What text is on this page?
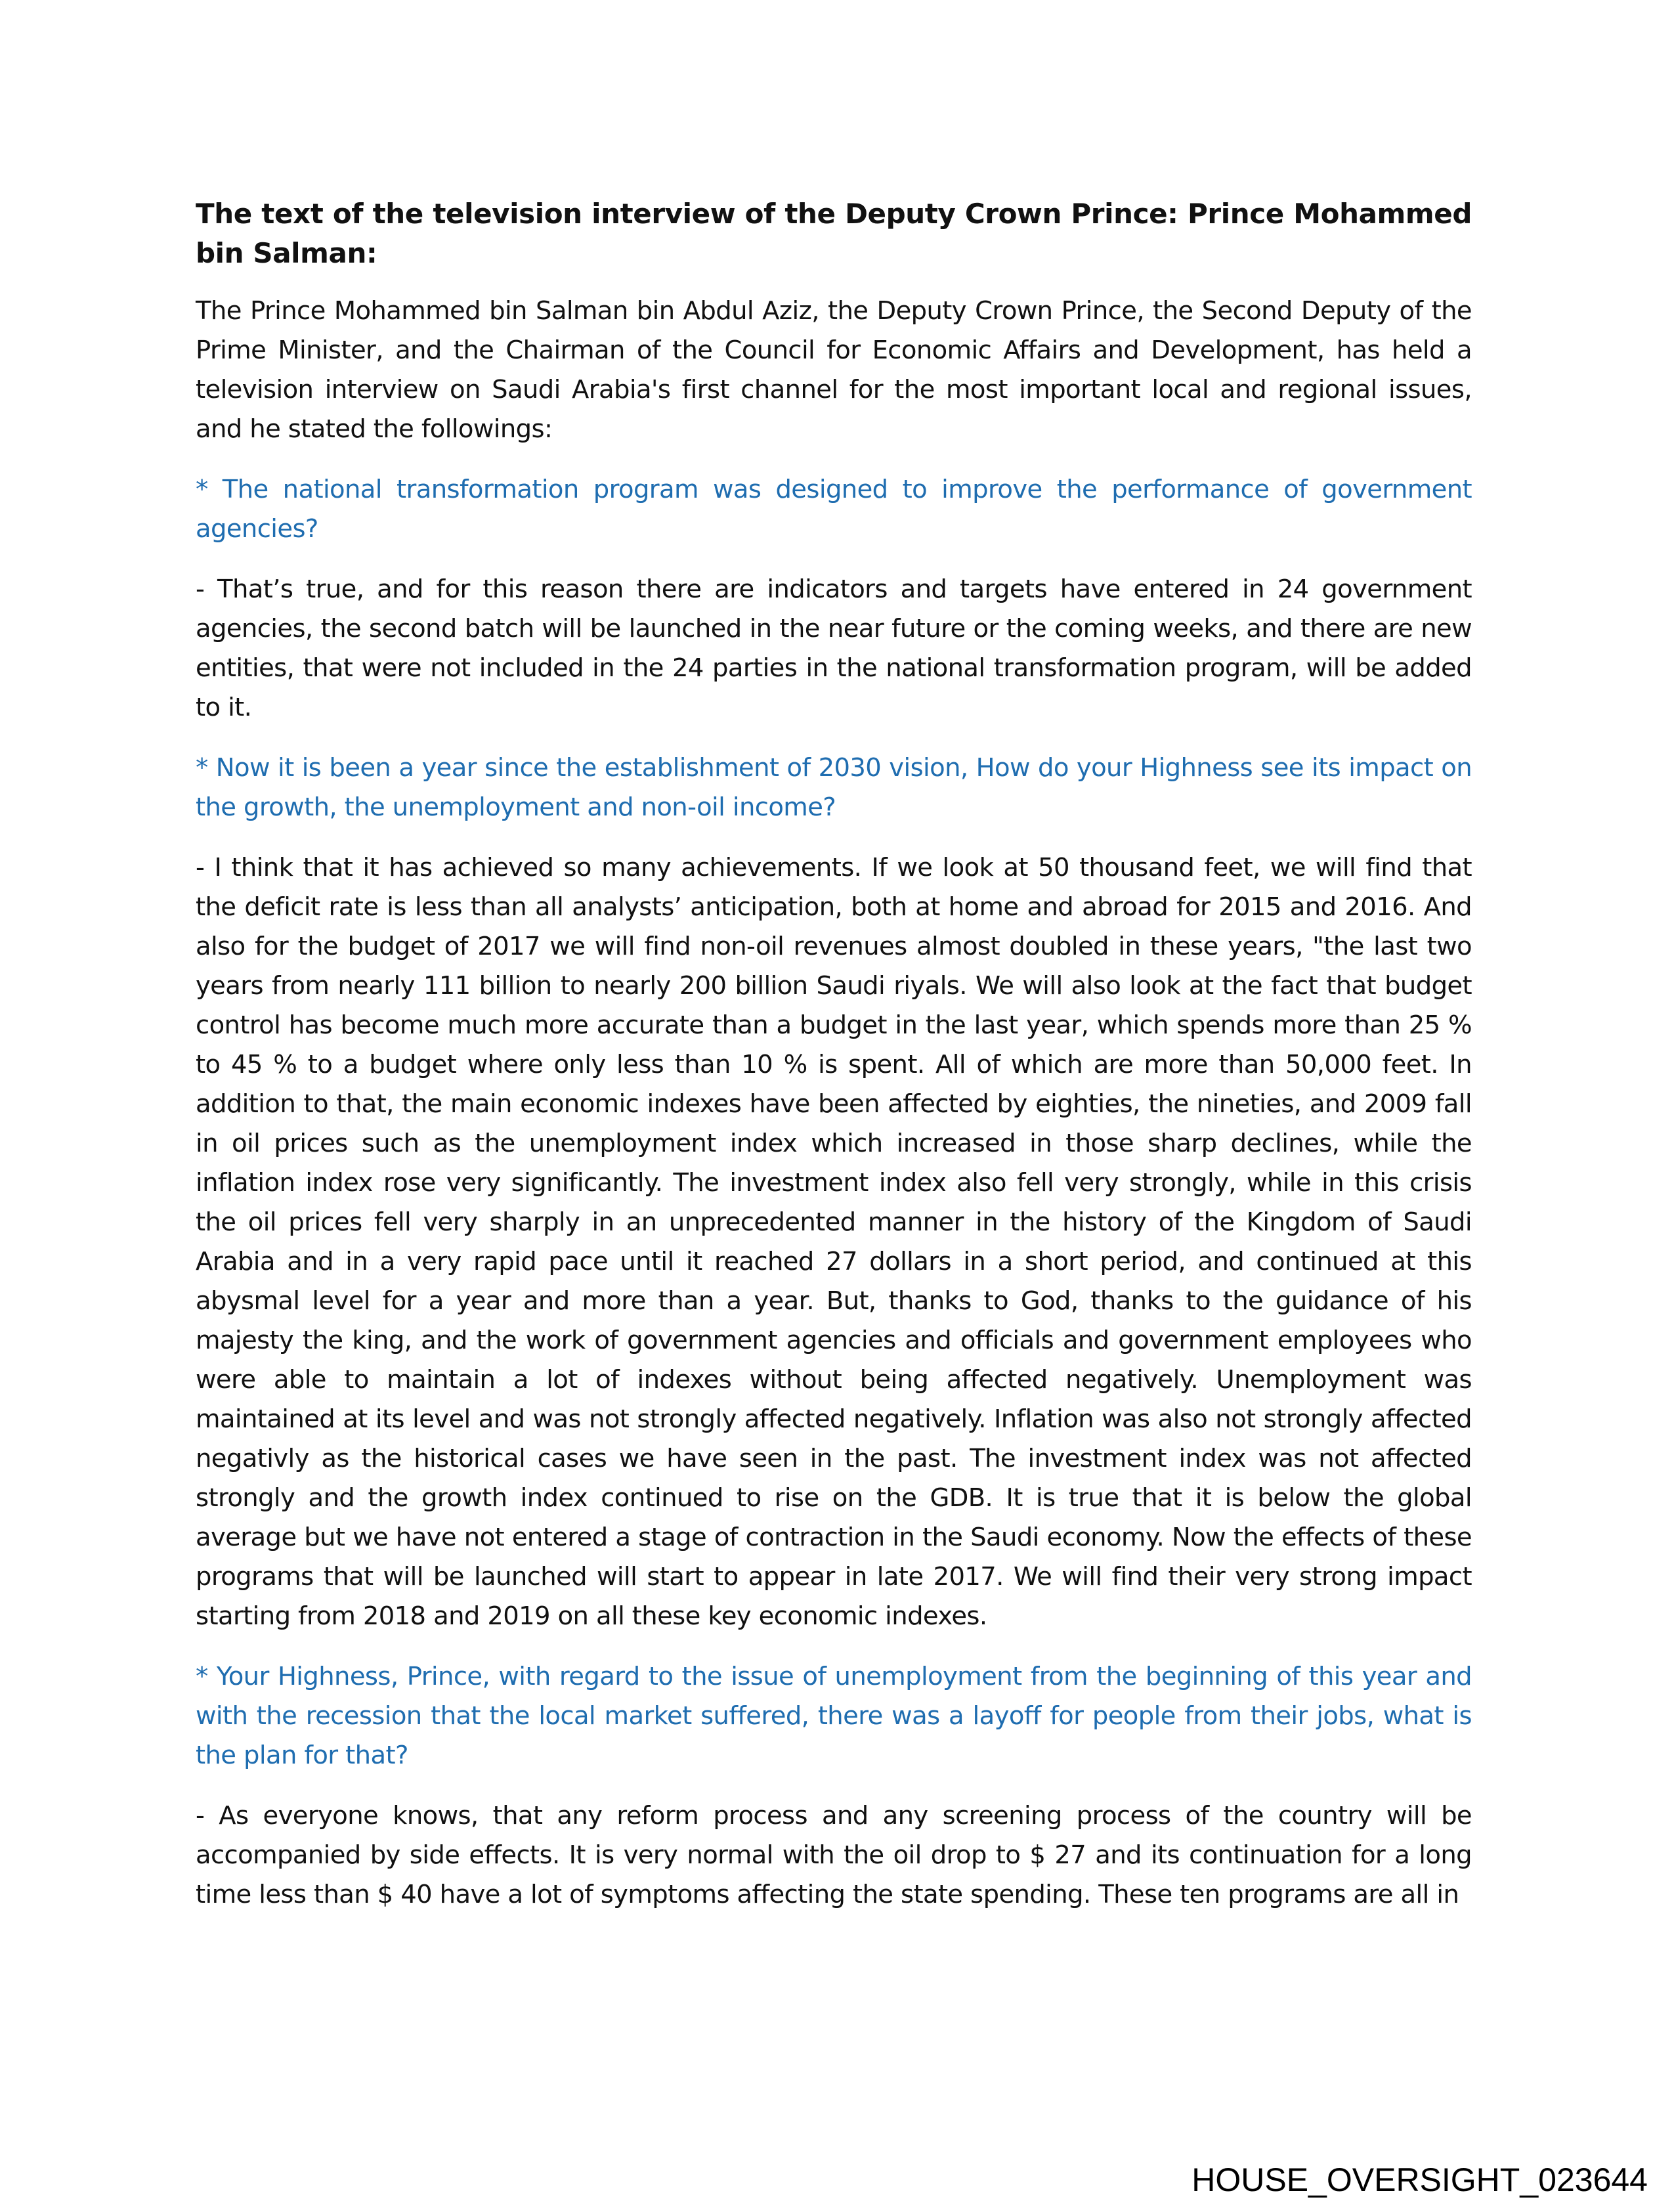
The text of the television interview of the Deputy Crown Prince: Prince Mohammed bin Salman:

The Prince Mohammed bin Salman bin Abdul Aziz, the Deputy Crown Prince, the Second Deputy of the Prime Minister, and the Chairman of the Council for Economic Affairs and Development, has held a television interview on Saudi Arabia's first channel for the most important local and regional issues, and he stated the followings:

* The national transformation program was designed to improve the performance of government agencies?

- That’s true, and for this reason there are indicators and targets have entered in 24 government agencies, the second batch will be launched in the near future or the coming weeks, and there are new entities, that were not included in the 24 parties in the national transformation program, will be added to it.

* Now it is been a year since the establishment of 2030 vision, How do your Highness see its impact on the growth, the unemployment and non-oil income?

- I think that it has achieved so many achievements. If we look at 50 thousand feet, we will find that the deficit rate is less than all analysts’ anticipation, both at home and abroad for 2015 and 2016. And also for the budget of 2017 we will find non-oil revenues almost doubled in these years, "the last two years from nearly 111 billion to nearly 200 billion Saudi riyals. We will also look at the fact that budget control has become much more accurate than a budget in the last year, which spends more than 25 % to 45 % to a budget where only less than 10 % is spent. All of which are more than 50,000 feet. In addition to that, the main economic indexes have been affected by eighties, the nineties, and 2009 fall in oil prices such as the unemployment index which increased in those sharp declines, while the inflation index rose very significantly. The investment index also fell very strongly, while in this crisis the oil prices fell very sharply in an unprecedented manner in the history of the Kingdom of Saudi Arabia and in a very rapid pace until it reached 27 dollars in a short period, and continued at this abysmal level for a year and more than a year. But, thanks to God, thanks to the guidance of his majesty the king, and the work of government agencies and officials and government employees who were able to maintain a lot of indexes without being affected negatively. Unemployment was maintained at its level and was not strongly affected negatively. Inflation was also not strongly affected negativly as the historical cases we have seen in the past. The investment index was not affected strongly and the growth index continued to rise on the GDB. It is true that it is below the global average but we have not entered a stage of contraction in the Saudi economy. Now the effects of these programs that will be launched will start to appear in late 2017. We will find their very strong impact starting from 2018 and 2019 on all these key economic indexes.

* Your Highness, Prince, with regard to the issue of unemployment from the beginning of this year and with the recession that the local market suffered, there was a layoff for people from their jobs, what is the plan for that?

- As everyone knows, that any reform process and any screening process of the country will be accompanied by side effects. It is very normal with the oil drop to $ 27 and its continuation for a long time less than $ 40 have a lot of symptoms affecting the state spending. These ten programs are all in

HOUSE_OVERSIGHT_023644
